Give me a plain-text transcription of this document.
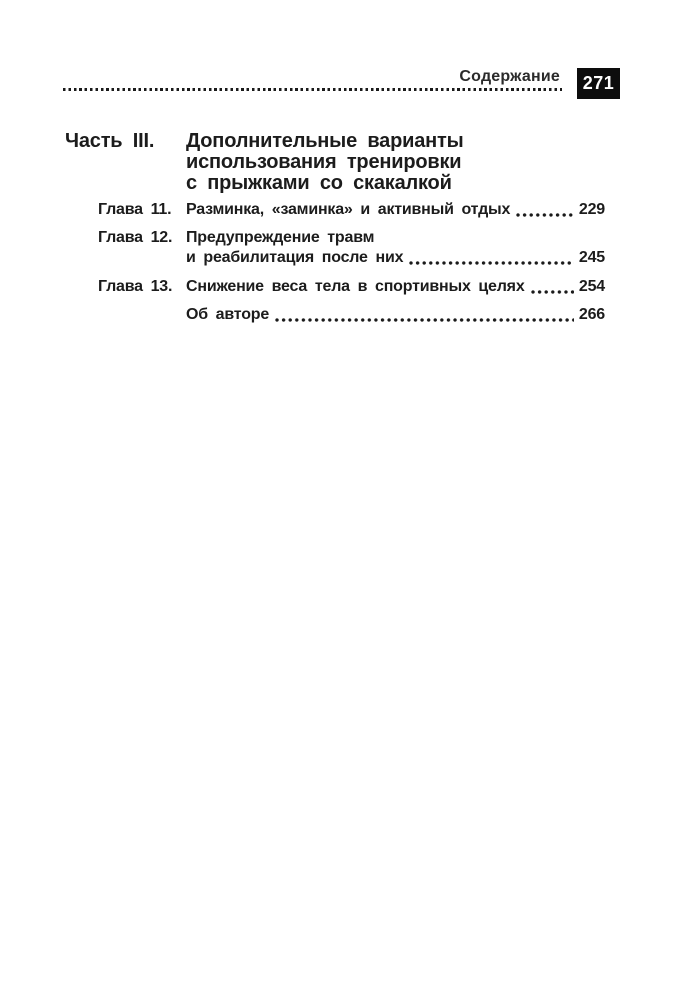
Содержание 271
Часть III.	Дополнительные варианты
использования тренировки
с прыжками со скакалкой
Глава 11. Разминка, «заминка» и активный отдых	229
Глава 12. Предупреждение травм
и реабилитация после них	245
Глава 13. Снижение веса тела в спортивных целях	254
Об авторе	266
